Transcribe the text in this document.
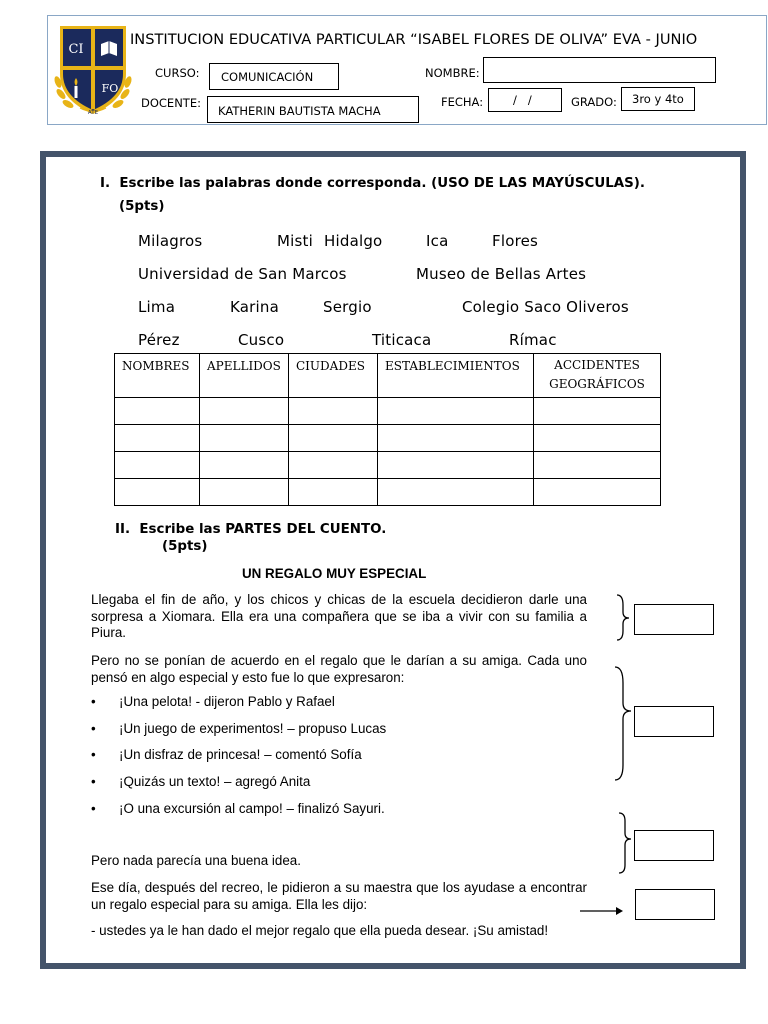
CI
FO
ATE
INSTITUCION EDUCATIVA PARTICULAR “ISABEL FLORES DE OLIVA” EVA - JUNIO
CURSO: COMUNICACIÓN	NOMBRE:
DOCENTE:
KATHERIN BAUTISTA MACHA
FECHA:	/   /	GRADO: 3ro y 4to
I. Escribe las palabras donde corresponda. (USO DE LAS MAYÚSCULAS).
(5pts)
Milagros	Misti Hidalgo	Ica	Flores
Universidad de San Marcos	Museo de Bellas Artes
Lima	Karina	Sergio	Colegio Saco Oliveros
Pérez	Cusco	Titicaca	Rímac
NOMBRES	APELLIDOS	CIUDADES	ESTABLECIMIENTOS	ACCIDENTES GEOGRÁFICOS

II. Escribe las PARTES DEL CUENTO.
(5pts)
UN REGALO MUY ESPECIAL
Llegaba el fin de año, y los chicos y chicas de la escuela decidieron darle una sorpresa a Xiomara. Ella era una compañera que se iba a vivir con su familia a Piura.
Pero no se ponían de acuerdo en el regalo que le darían a su amiga. Cada uno pensó en algo especial y esto fue lo que expresaron:
• ¡Una pelota! - dijeron Pablo y Rafael
• ¡Un juego de experimentos! – propuso Lucas
• ¡Un disfraz de princesa! – comentó Sofía
• ¡Quizás un texto! – agregó Anita
• ¡O una excursión al campo! – finalizó Sayuri.
Pero nada parecía una buena idea.
Ese día, después del recreo, le pidieron a su maestra que los ayudase a encontrar un regalo especial para su amiga. Ella les dijo:
- ustedes ya le han dado el mejor regalo que ella pueda desear. ¡Su amistad!
